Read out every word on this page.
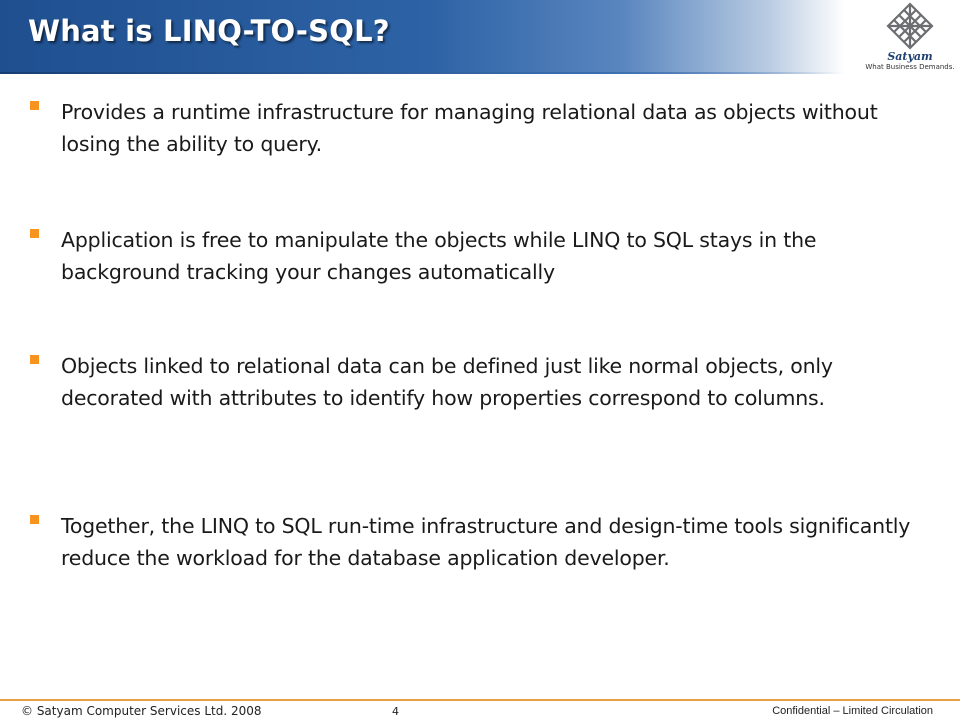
What is LINQ-TO-SQL?
Satyam
What Business Demands.

Provides a runtime infrastructure for managing relational data as objects without losing the ability to query.

Application is free to manipulate the objects while LINQ to SQL stays in the background tracking your changes automatically

Objects linked to relational data can be defined just like normal objects, only decorated with attributes to identify how properties correspond to columns.

Together, the LINQ to SQL run-time infrastructure and design-time tools significantly reduce the workload for the database application developer.

© Satyam Computer Services Ltd. 2008	4	Confidential – Limited Circulation
